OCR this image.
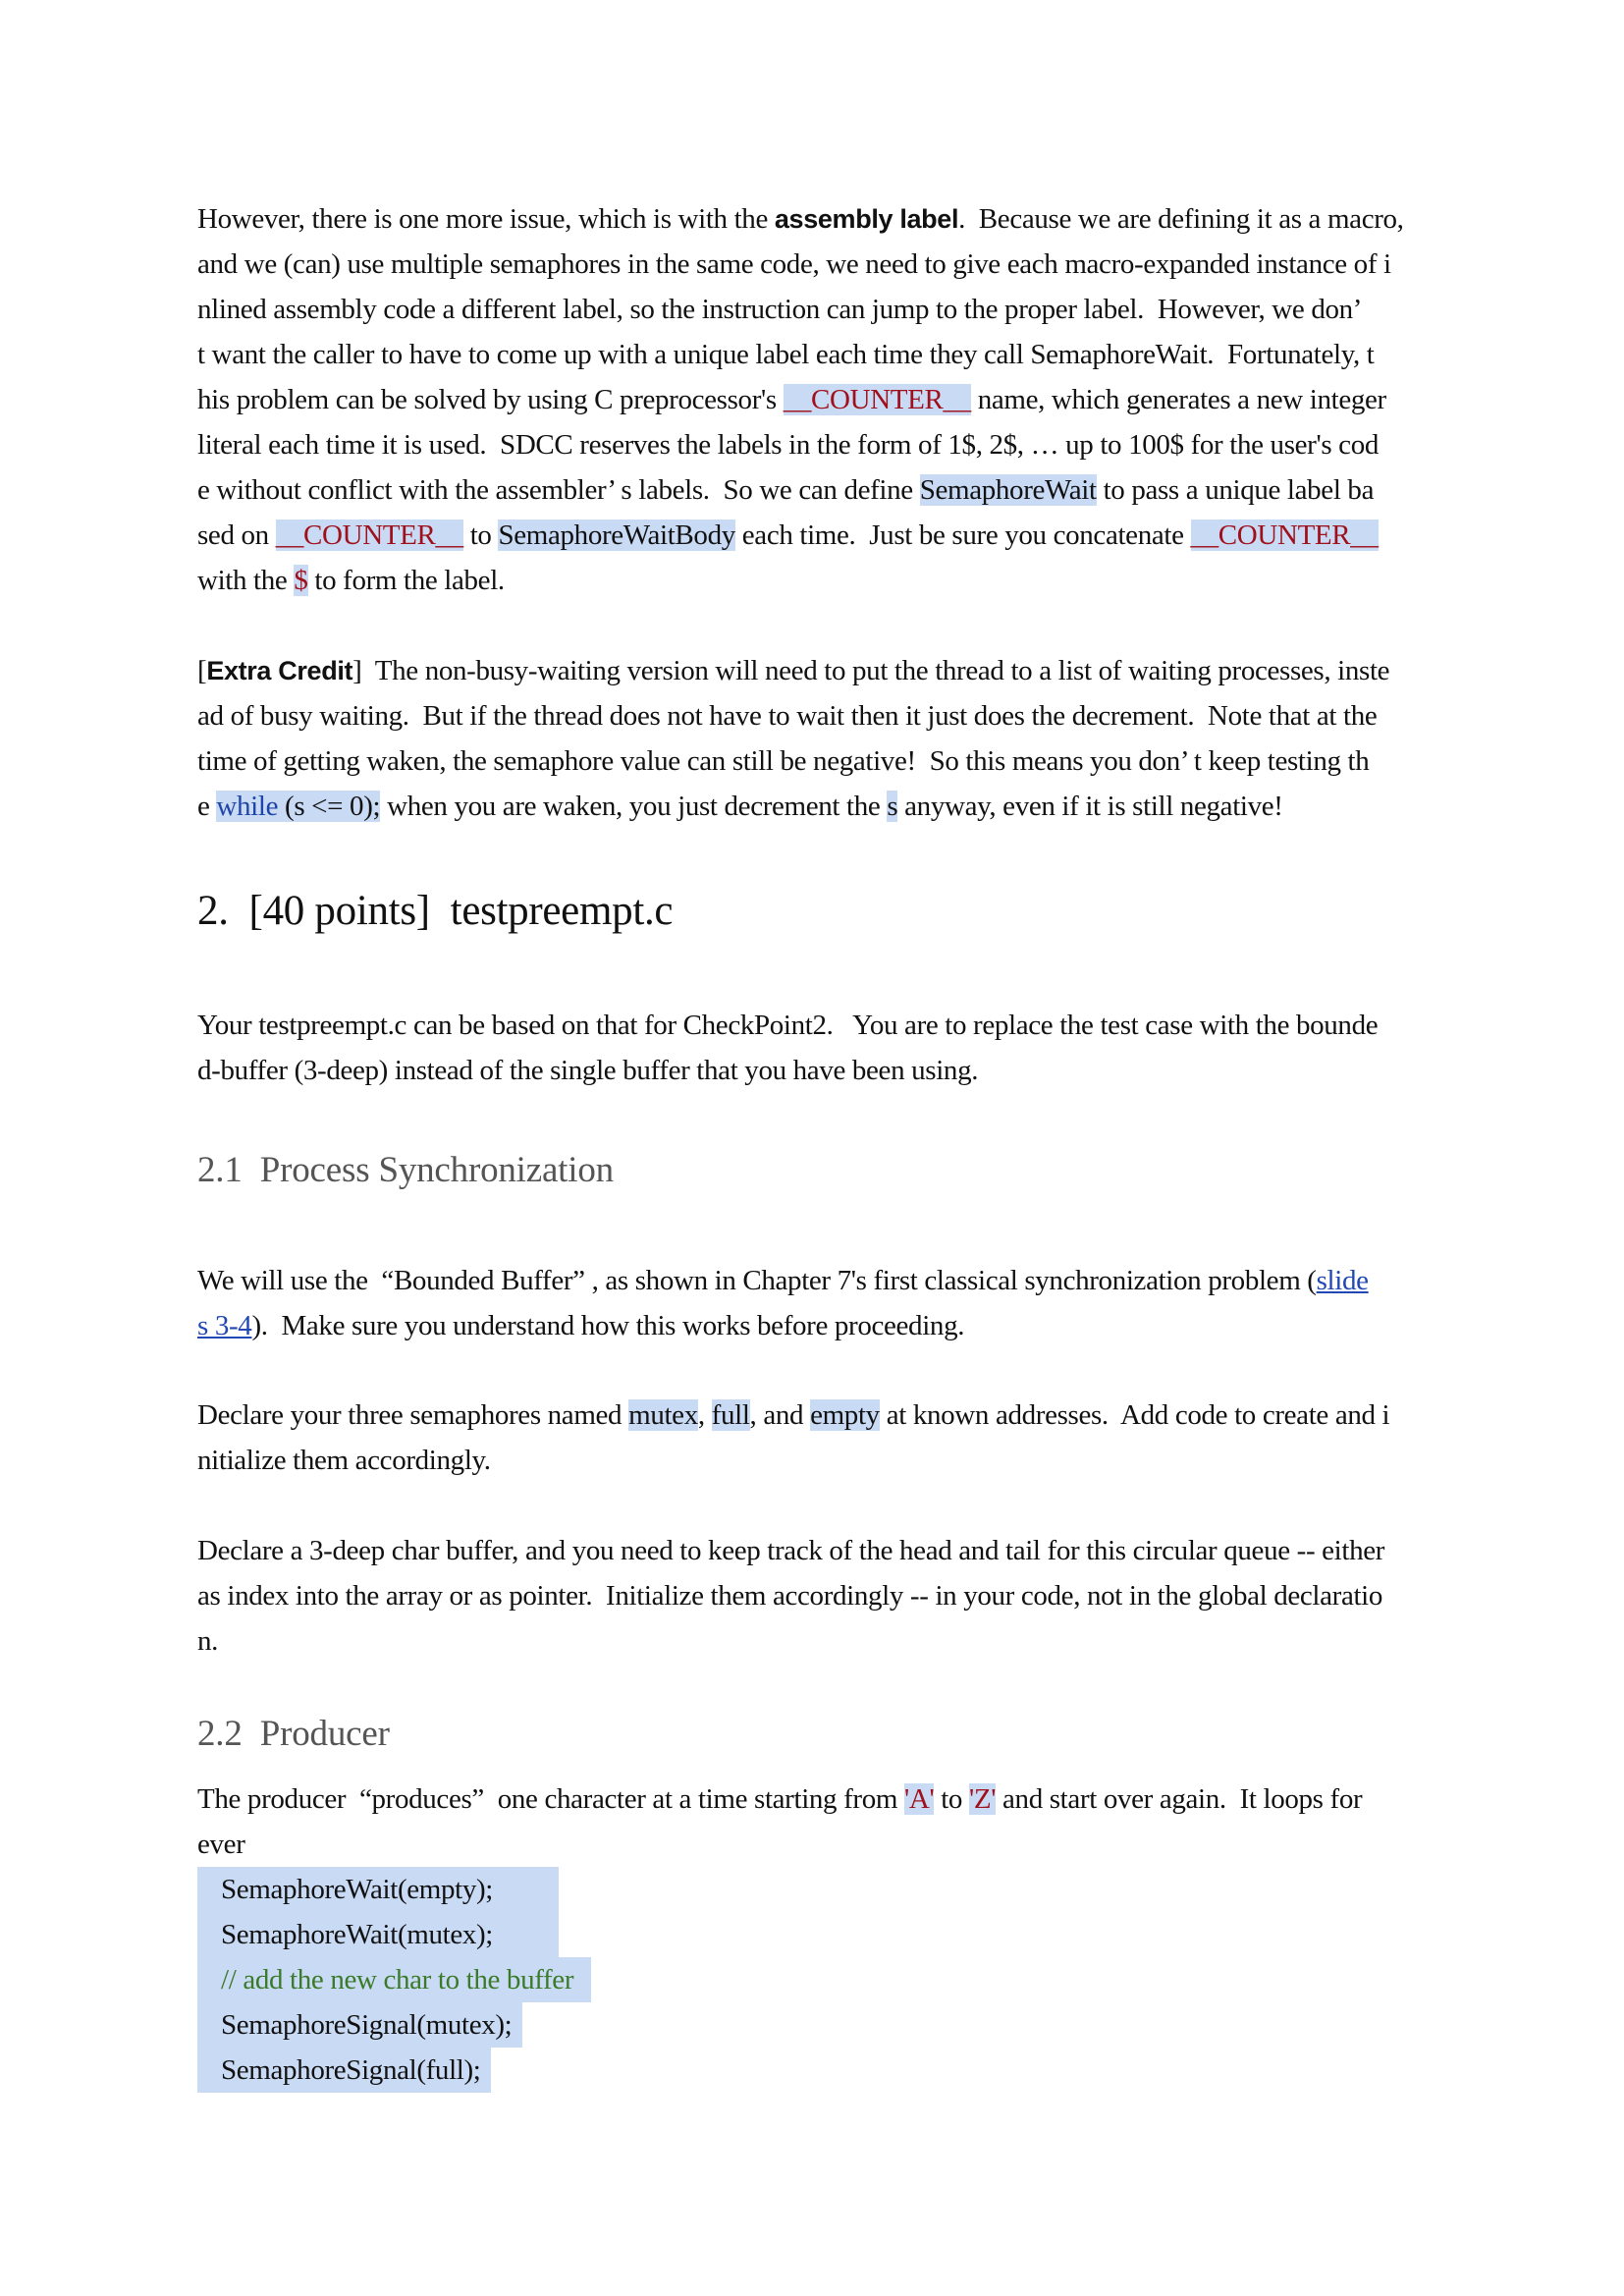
However, there is one more issue, which is with the assembly label.  Because we are defining it as a macro,
and we (can) use multiple semaphores in the same code, we need to give each macro-expanded instance of i
nlined assembly code a different label, so the instruction can jump to the proper label.  However, we don’
t want the caller to have to come up with a unique label each time they call SemaphoreWait.  Fortunately, t
his problem can be solved by using C preprocessor's __COUNTER__ name, which generates a new integer
literal each time it is used.  SDCC reserves the labels in the form of 1$, 2$, … up to 100$ for the user's cod
e without conflict with the assembler’ s labels.  So we can define SemaphoreWait to pass a unique label ba
sed on __COUNTER__ to SemaphoreWaitBody each time.  Just be sure you concatenate __COUNTER__
with the $ to form the label.
[Extra Credit]  The non-busy-waiting version will need to put the thread to a list of waiting processes, inste
ad of busy waiting.  But if the thread does not have to wait then it just does the decrement.  Note that at the
time of getting waken, the semaphore value can still be negative!  So this means you don’ t keep testing th
e while (s <= 0); when you are waken, you just decrement the s anyway, even if it is still negative!
2.  [40 points]  testpreempt.c
Your testpreempt.c can be based on that for CheckPoint2.   You are to replace the test case with the bounde
d-buffer (3-deep) instead of the single buffer that you have been using.
2.1  Process Synchronization
We will use the  “Bounded Buffer” , as shown in Chapter 7's first classical synchronization problem (slide
s 3-4).  Make sure you understand how this works before proceeding.
Declare your three semaphores named mutex, full, and empty at known addresses.  Add code to create and i
nitialize them accordingly.
Declare a 3-deep char buffer, and you need to keep track of the head and tail for this circular queue -- either
as index into the array or as pointer.  Initialize them accordingly -- in your code, not in the global declaratio
n.
2.2  Producer
The producer  “produces”  one character at a time starting from 'A' to 'Z' and start over again.  It loops for
ever
SemaphoreWait(empty);
SemaphoreWait(mutex);
// add the new char to the buffer
SemaphoreSignal(mutex);
SemaphoreSignal(full);
